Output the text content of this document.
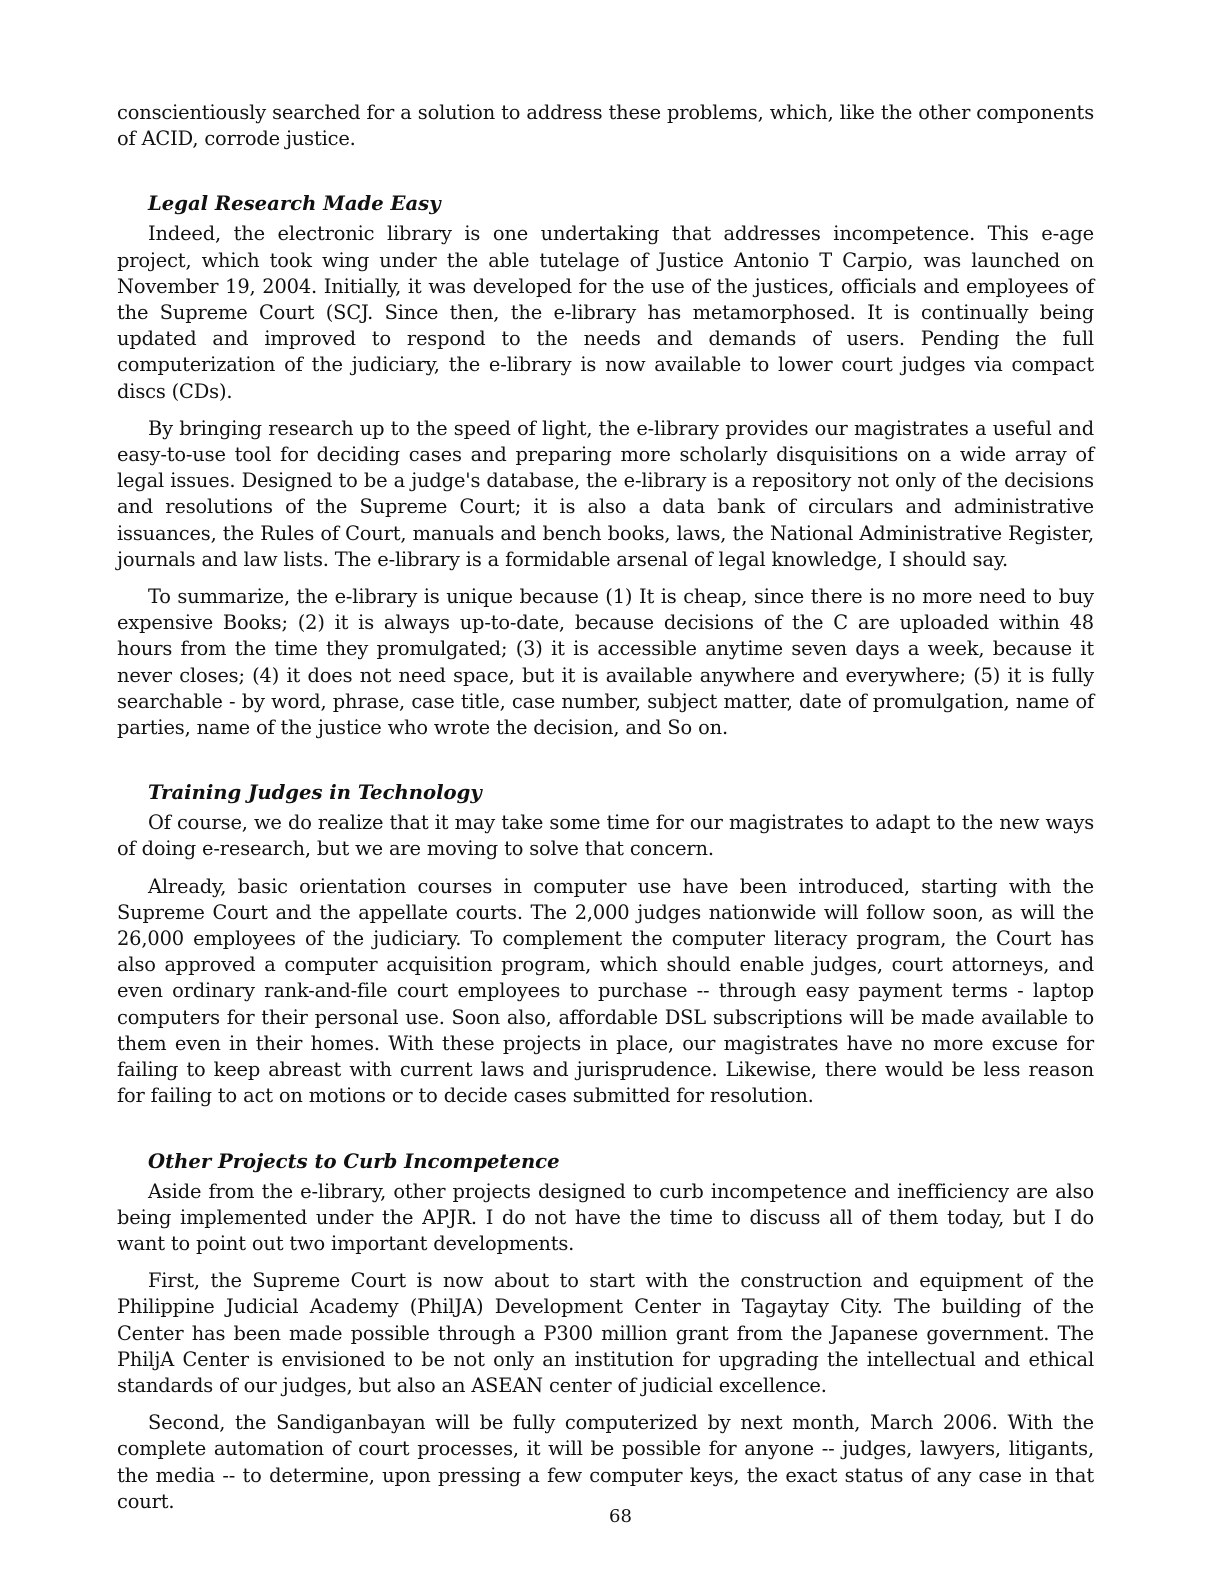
conscientiously searched for a solution to address these problems, which, like the other components of ACID, corrode justice.

Legal Research Made Easy

Indeed, the electronic library is one undertaking that addresses incompetence. This e-age project, which took wing under the able tutelage of Justice Antonio T Carpio, was launched on November 19, 2004. Initially, it was developed for the use of the justices, officials and employees of the Supreme Court (SCJ. Since then, the e-library has metamorphosed. It is continually being updated and improved to respond to the needs and demands of users. Pending the full computerization of the judiciary, the e-library is now available to lower court judges via compact discs (CDs).

By bringing research up to the speed of light, the e-library provides our magistrates a useful and easy-to-use tool for deciding cases and preparing more scholarly disquisitions on a wide array of legal issues. Designed to be a judge's database, the e-library is a repository not only of the decisions and resolutions of the Supreme Court; it is also a data bank of circulars and administrative issuances, the Rules of Court, manuals and bench books, laws, the National Administrative Register, journals and law lists. The e-library is a formidable arsenal of legal knowledge, I should say.

To summarize, the e-library is unique because (1) It is cheap, since there is no more need to buy expensive Books; (2) it is always up-to-date, because decisions of the C are uploaded within 48 hours from the time they promulgated; (3) it is accessible anytime seven days a week, because it never closes; (4) it does not need space, but it is available anywhere and everywhere; (5) it is fully searchable - by word, phrase, case title, case number, subject matter, date of promulgation, name of parties, name of the justice who wrote the decision, and So on.

Training Judges in Technology

Of course, we do realize that it may take some time for our magistrates to adapt to the new ways of doing e-research, but we are moving to solve that concern.

Already, basic orientation courses in computer use have been introduced, starting with the Supreme Court and the appellate courts. The 2,000 judges nationwide will follow soon, as will the 26,000 employees of the judiciary. To complement the computer literacy program, the Court has also approved a computer acquisition program, which should enable judges, court attorneys, and even ordinary rank-and-file court employees to purchase -- through easy payment terms - laptop computers for their personal use. Soon also, affordable DSL subscriptions will be made available to them even in their homes. With these projects in place, our magistrates have no more excuse for failing to keep abreast with current laws and jurisprudence. Likewise, there would be less reason for failing to act on motions or to decide cases submitted for resolution.

Other Projects to Curb Incompetence

Aside from the e-library, other projects designed to curb incompetence and inefficiency are also being implemented under the APJR. I do not have the time to discuss all of them today, but I do want to point out two important developments.

First, the Supreme Court is now about to start with the construction and equipment of the Philippine Judicial Academy (PhilJA) Development Center in Tagaytay City. The building of the Center has been made possible through a P300 million grant from the Japanese government. The PhiljA Center is envisioned to be not only an institution for upgrading the intellectual and ethical standards of our judges, but also an ASEAN center of judicial excellence.

Second, the Sandiganbayan will be fully computerized by next month, March 2006. With the complete automation of court processes, it will be possible for anyone -- judges, lawyers, litigants, the media -- to determine, upon pressing a few computer keys, the exact status of any case in that court.

68
